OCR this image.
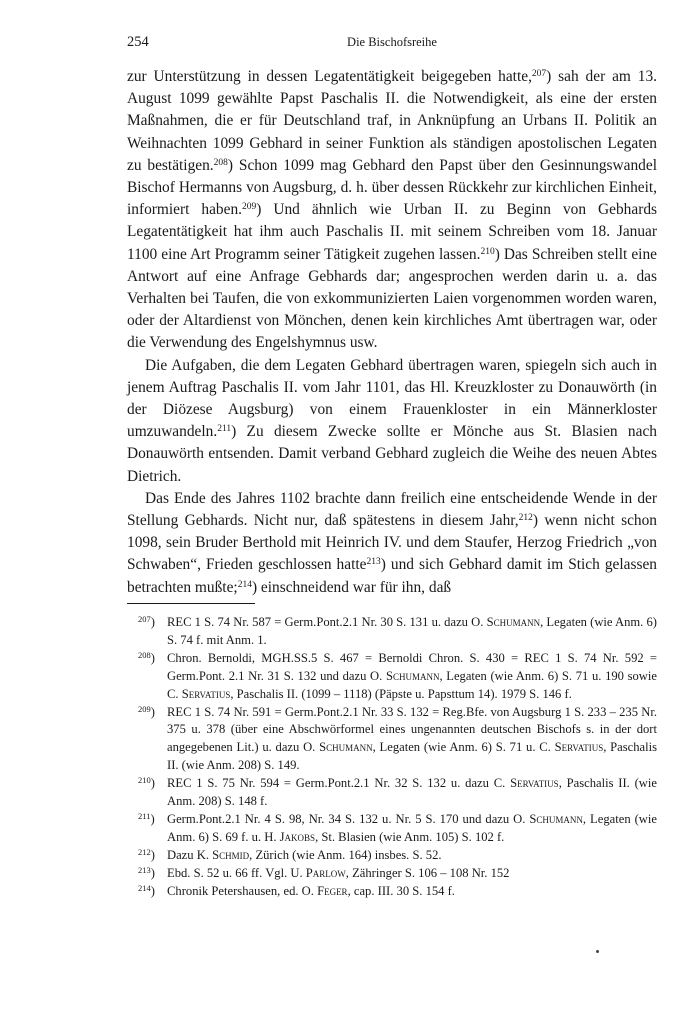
254	Die Bischofsreihe

zur Unterstützung in dessen Legatentätigkeit beigegeben hatte,$^{207}$) sah der am 13. August 1099 gewählte Papst Paschalis II. die Notwendigkeit, als eine der ersten Maßnahmen, die er für Deutschland traf, in Anknüpfung an Urbans II. Politik an Weihnachten 1099 Gebhard in seiner Funktion als ständigen apostolischen Legaten zu bestätigen.$^{208}$) Schon 1099 mag Gebhard den Papst über den Gesinnungswandel Bischof Hermanns von Augsburg, d. h. über dessen Rückkehr zur kirchlichen Einheit, informiert haben.$^{209}$) Und ähnlich wie Urban II. zu Beginn von Gebhards Legatentätigkeit hat ihm auch Paschalis II. mit seinem Schreiben vom 18. Januar 1100 eine Art Programm seiner Tätigkeit zugehen lassen.$^{210}$) Das Schreiben stellt eine Antwort auf eine Anfrage Gebhards dar; angesprochen werden darin u. a. das Verhalten bei Taufen, die von exkommunizierten Laien vorgenommen worden waren, oder der Altardienst von Mönchen, denen kein kirchliches Amt übertragen war, oder die Verwendung des Engelshymnus usw.

Die Aufgaben, die dem Legaten Gebhard übertragen waren, spiegeln sich auch in jenem Auftrag Paschalis II. vom Jahr 1101, das Hl. Kreuzkloster zu Donauwörth (in der Diözese Augsburg) von einem Frauenkloster in ein Männerkloster umzuwandeln.$^{211}$) Zu diesem Zwecke sollte er Mönche aus St. Blasien nach Donauwörth entsenden. Damit verband Gebhard zugleich die Weihe des neuen Abtes Dietrich.

Das Ende des Jahres 1102 brachte dann freilich eine entscheidende Wende in der Stellung Gebhards. Nicht nur, daß spätestens in diesem Jahr,$^{212}$) wenn nicht schon 1098, sein Bruder Berthold mit Heinrich IV. und dem Staufer, Herzog Friedrich „von Schwaben“, Frieden geschlossen hatte$^{213}$) und sich Gebhard damit im Stich gelassen betrachten mußte;$^{214}$) einschneidend war für ihn, daß

$^{207}$) REC 1 S. 74 Nr. 587 = Germ.Pont.2.1 Nr. 30 S. 131 u. dazu O. Schumann, Legaten (wie Anm. 6) S. 74 f. mit Anm. 1.
$^{208}$) Chron. Bernoldi, MGH.SS.5 S. 467 = Bernoldi Chron. S. 430 = REC 1 S. 74 Nr. 592 = Germ.Pont. 2.1 Nr. 31 S. 132 und dazu O. Schumann, Legaten (wie Anm. 6) S. 71 u. 190 sowie C. Servatius, Paschalis II. (1099 – 1118) (Päpste u. Papsttum 14). 1979 S. 146 f.
$^{209}$) REC 1 S. 74 Nr. 591 = Germ.Pont.2.1 Nr. 33 S. 132 = Reg.Bfe. von Augsburg 1 S. 233 – 235 Nr. 375 u. 378 (über eine Abschwörformel eines ungenannten deutschen Bischofs s. in der dort angegebenen Lit.) u. dazu O. Schumann, Legaten (wie Anm. 6) S. 71 u. C. Servatius, Paschalis II. (wie Anm. 208) S. 149.
$^{210}$) REC 1 S. 75 Nr. 594 = Germ.Pont.2.1 Nr. 32 S. 132 u. dazu C. Servatius, Paschalis II. (wie Anm. 208) S. 148 f.
$^{211}$) Germ.Pont.2.1 Nr. 4 S. 98, Nr. 34 S. 132 u. Nr. 5 S. 170 und dazu O. Schumann, Legaten (wie Anm. 6) S. 69 f. u. H. Jakobs, St. Blasien (wie Anm. 105) S. 102 f.
$^{212}$) Dazu K. Schmid, Zürich (wie Anm. 164) insbes. S. 52.
$^{213}$) Ebd. S. 52 u. 66 ff. Vgl. U. Parlow, Zähringer S. 106 – 108 Nr. 152
$^{214}$) Chronik Petershausen, ed. O. Feger, cap. III. 30 S. 154 f.
